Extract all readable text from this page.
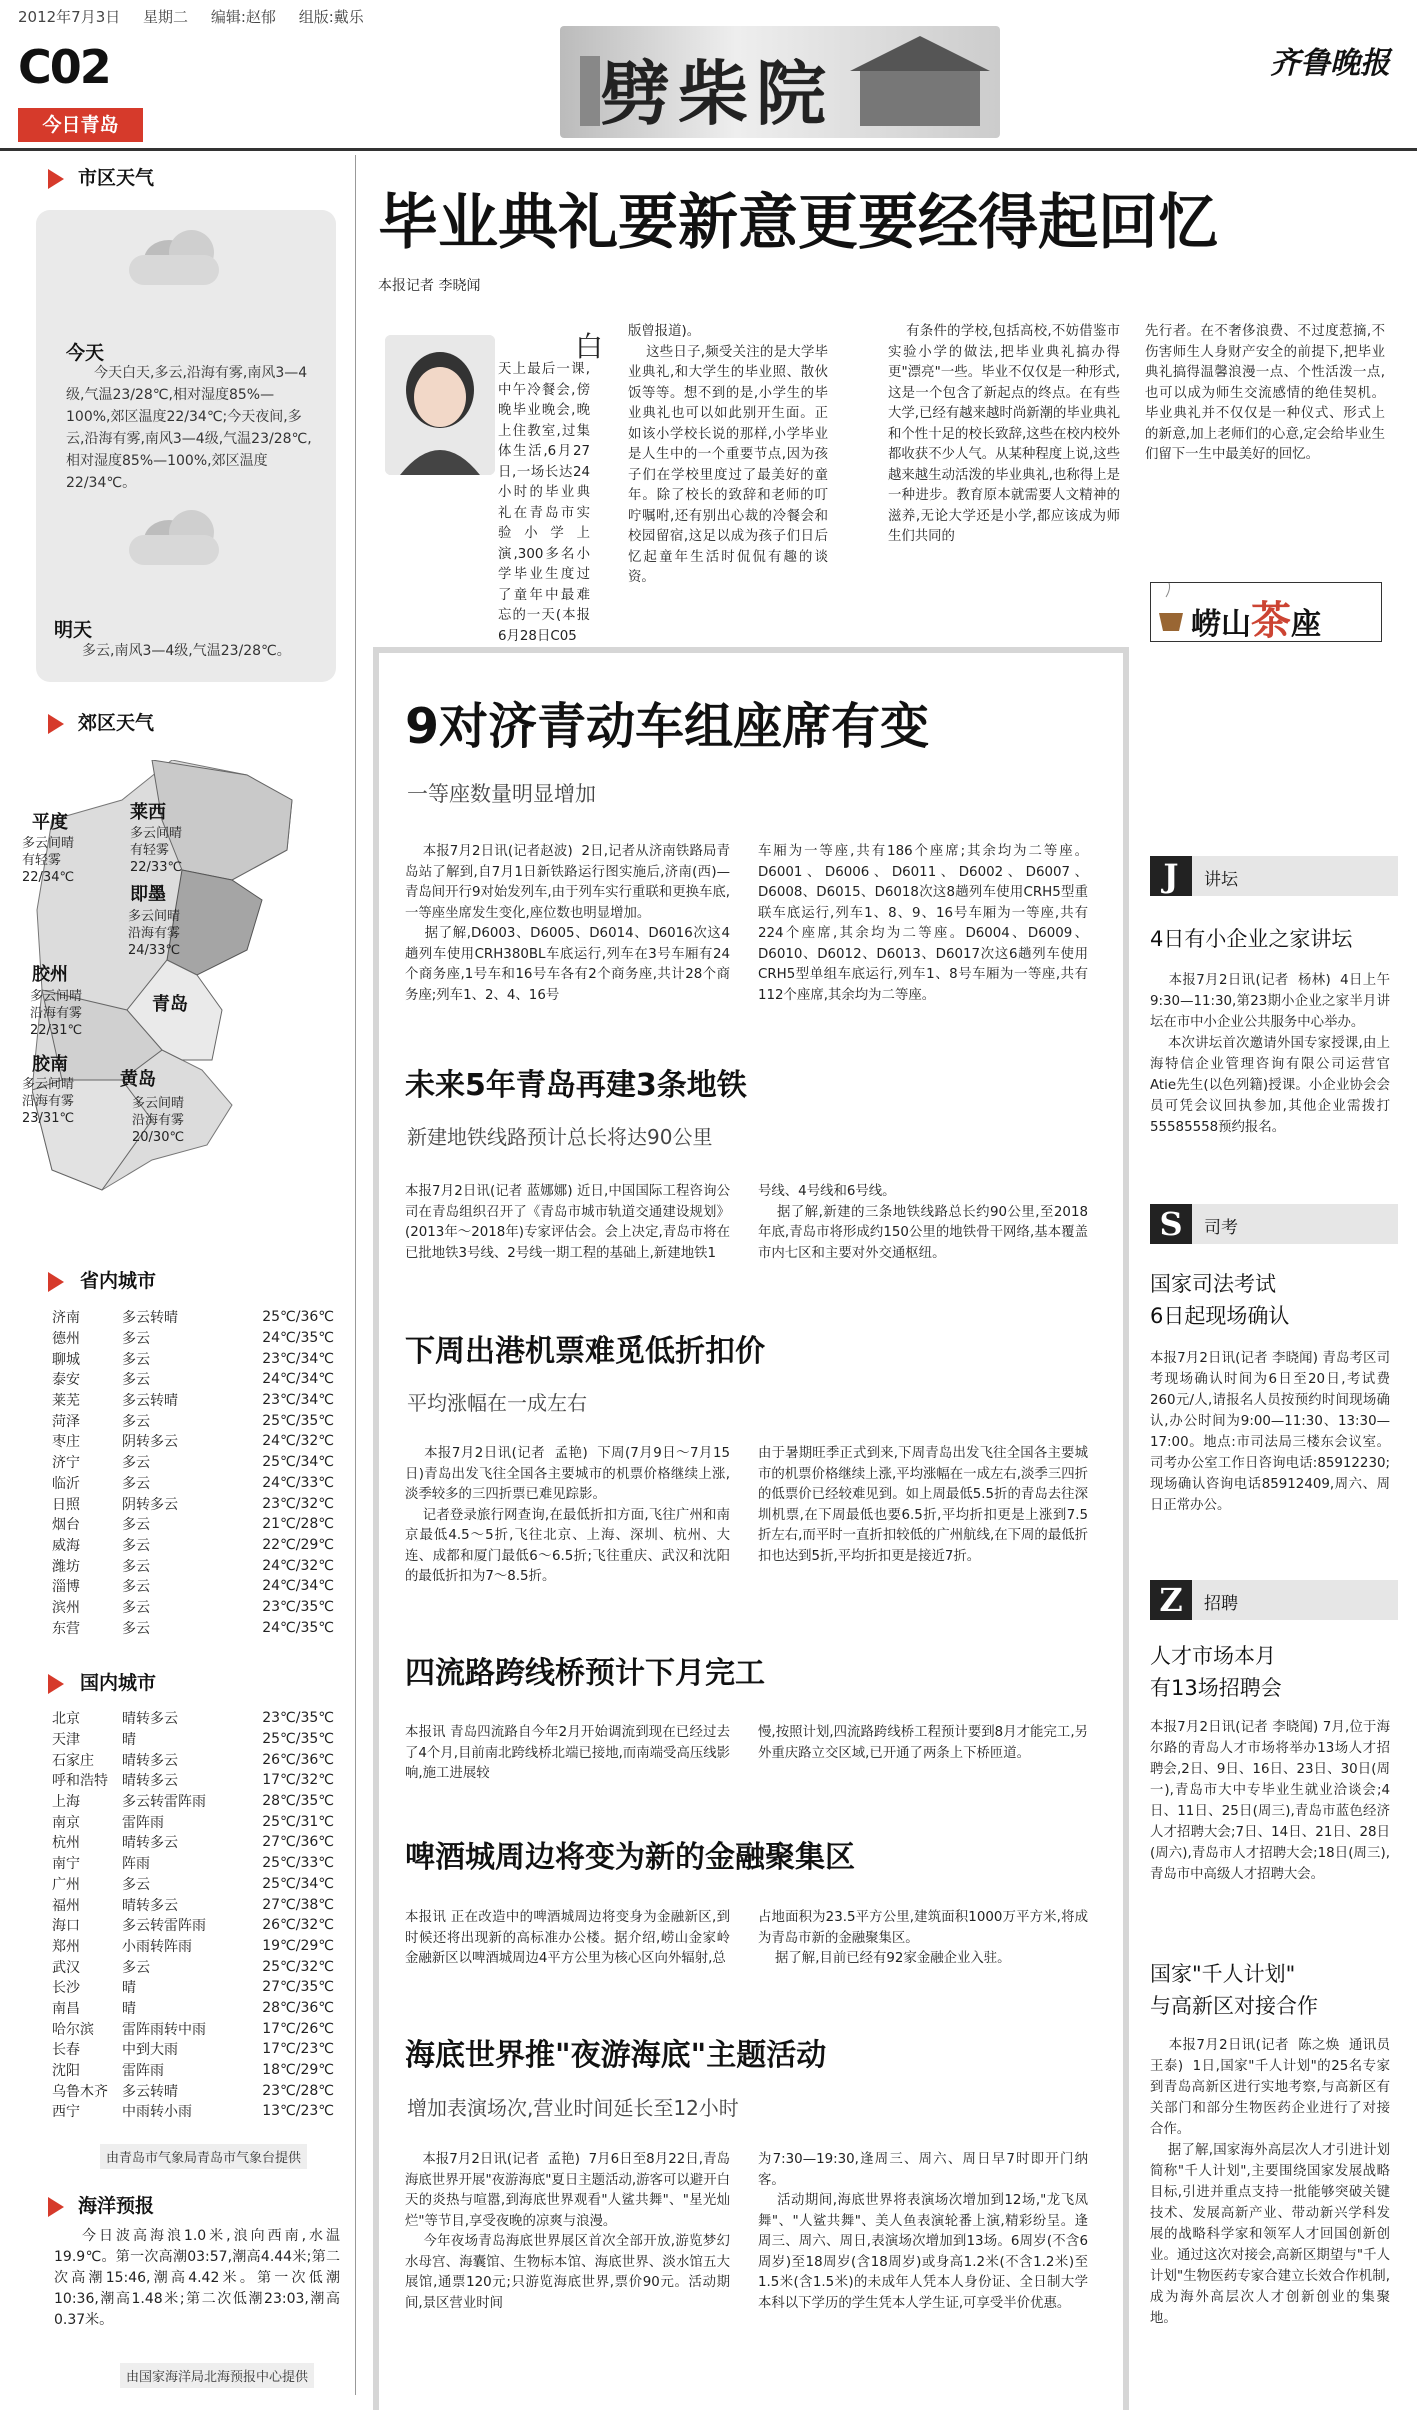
2012年7月3日 星期二 编辑:赵郁 组版:戴乐
C02
今日青岛	劈柴院	齐鲁晚报
市区天气
今天
今天白天,多云,沿海有雾,南风3—4级,气温23/28℃,相对湿度85%—100%,郊区温度22/34℃;今天夜间,多云,沿海有雾,南风3—4级,气温23/28℃,相对湿度85%—100%,郊区温度22/34℃。
明天
多云,南风3—4级,气温23/28℃。
郊区天气
平度
多云间晴
有轻雾
22/34℃
莱西
多云间晴
有轻雾
22/33℃
即墨
多云间晴
沿海有雾
24/33℃
胶州
多云间晴
沿海有雾
22/31℃
青岛
胶南
多云间晴
沿海有雾
23/31℃
黄岛
多云间晴
沿海有雾
20/30℃
省内城市
济南	多云转晴	25℃/36℃
德州	多云	24℃/35℃
聊城	多云	23℃/34℃
泰安	多云	24℃/34℃
莱芜	多云转晴	23℃/34℃
菏泽	多云	25℃/35℃
枣庄	阴转多云	24℃/32℃
济宁	多云	25℃/34℃
临沂	多云	24℃/33℃
日照	阴转多云	23℃/32℃
烟台	多云	21℃/28℃
威海	多云	22℃/29℃
潍坊	多云	24℃/32℃
淄博	多云	24℃/34℃
滨州	多云	23℃/35℃
东营	多云	24℃/35℃
国内城市
北京	晴转多云	23℃/35℃
天津	晴	25℃/35℃
石家庄	晴转多云	26℃/36℃
呼和浩特	晴转多云	17℃/32℃
上海	多云转雷阵雨	28℃/35℃
南京	雷阵雨	25℃/31℃
杭州	晴转多云	27℃/36℃
南宁	阵雨	25℃/33℃
广州	多云	25℃/34℃
福州	晴转多云	27℃/38℃
海口	多云转雷阵雨	26℃/32℃
郑州	小雨转阵雨	19℃/29℃
武汉	多云	25℃/32℃
长沙	晴	27℃/35℃
南昌	晴	28℃/36℃
哈尔滨	雷阵雨转中雨	17℃/26℃
长春	中到大雨	17℃/23℃
沈阳	雷阵雨	18℃/29℃
乌鲁木齐	多云转晴	23℃/28℃
西宁	中雨转小雨	13℃/23℃
由青岛市气象局青岛市气象台提供
海洋预报
今日波高海浪1.0米,浪向西南,水温19.9℃。第一次高潮03:57,潮高4.44米;第二次高潮15:46,潮高4.42米。第一次低潮10:36,潮高1.48米;第二次低潮23:03,潮高0.37米。
由国家海洋局北海预报中心提供
毕业典礼要新意更要经得起回忆
本报记者 李晓闻
白
天上最后一课,中午冷餐会,傍晚毕业晚会,晚上住教室,过集体生活,6月27日,一场长达24小时的毕业典礼在青岛市实验小学上演,300多名小学毕业生度过了童年中最难忘的一天(本报6月28日C05
版曾报道)。
这些日子,频受关注的是大学毕业典礼,和大学生的毕业照、散伙饭等等。想不到的是,小学生的毕业典礼也可以如此别开生面。正如该小学校长说的那样,小学毕业是人生中的一个重要节点,因为孩子们在学校里度过了最美好的童年。除了校长的致辞和老师的叮咛嘱咐,还有别出心裁的冷餐会和校园留宿,这足以成为孩子们日后忆起童年生活时侃侃有趣的谈资。
有条件的学校,包括高校,不妨借鉴市实验小学的做法,把毕业典礼搞办得更"漂亮"一些。毕业不仅仅是一种形式,这是一个包含了新起点的终点。在有些大学,已经有越来越时尚新潮的毕业典礼和个性十足的校长致辞,这些在校内校外都收获不少人气。从某种程度上说,这些越来越生动活泼的毕业典礼,也称得上是一种进步。教育原本就需要人文精神的滋养,无论大学还是小学,都应该成为师生们共同的
先行者。在不奢侈浪费、不过度惹摘,不伤害师生人身财产安全的前提下,把毕业典礼搞得温馨浪漫一点、个性活泼一点,也可以成为师生交流感情的绝佳契机。毕业典礼并不仅仅是一种仪式、形式上的新意,加上老师们的心意,定会给毕业生们留下一生中最美好的回忆。
崂山茶座
9对济青动车组座席有变
一等座数量明显增加
本报7月2日讯(记者赵波)  2日,记者从济南铁路局青岛站了解到,自7月1日新铁路运行图实施后,济南(西)—青岛间开行9对始发列车,由于列车实行重联和更换车底,一等座坐席发生变化,座位数也明显增加。
据了解,D6003、D6005、D6014、D6016次这4趟列车使用CRH380BL车底运行,列车在3号车厢有24个商务座,1号车和16号车各有2个商务座,共计28个商务座;列车1、2、4、16号
车厢为一等座,共有186个座席;其余均为二等座。D6001、D6006、D6011、D6002、D6007、D6008、D6015、D6018次这8趟列车使用CRH5型重联车底运行,列车1、8、9、16号车厢为一等座,共有224个座席,其余均为二等座。D6004、D6009、D6010、D6012、D6013、D6017次这6趟列车使用CRH5型单组车底运行,列车1、8号车厢为一等座,共有112个座席,其余均为二等座。
未来5年青岛再建3条地铁
新建地铁线路预计总长将达90公里
本报7月2日讯(记者 蓝娜娜) 近日,中国国际工程咨询公司在青岛组织召开了《青岛市城市轨道交通建设规划》(2013年～2018年)专家评估会。会上决定,青岛市将在已批地铁3号线、2号线一期工程的基础上,新建地铁1
号线、4号线和6号线。
据了解,新建的三条地铁线路总长约90公里,至2018年底,青岛市将形成约150公里的地铁骨干网络,基本覆盖市内七区和主要对外交通枢纽。
下周出港机票难觅低折扣价
平均涨幅在一成左右
本报7月2日讯(记者  孟艳)  下周(7月9日～7月15日)青岛出发飞往全国各主要城市的机票价格继续上涨,淡季较多的三四折票已难见踪影。
记者登录旅行网查询,在最低折扣方面,飞往广州和南京最低4.5～5折,飞往北京、上海、深圳、杭州、大连、成都和厦门最低6～6.5折;飞往重庆、武汉和沈阳的最低折扣为7～8.5折。
由于暑期旺季正式到来,下周青岛出发飞往全国各主要城市的机票价格继续上涨,平均涨幅在一成左右,淡季三四折的低票价已经较难见到。如上周最低5.5折的青岛去往深圳机票,在下周最低也要6.5折,平均折扣更是上涨到7.5折左右,而平时一直折扣较低的广州航线,在下周的最低折扣也达到5折,平均折扣更是接近7折。
四流路跨线桥预计下月完工
本报讯 青岛四流路自今年2月开始调流到现在已经过去了4个月,目前南北跨线桥北端已接地,而南端受高压线影响,施工进展较
慢,按照计划,四流路跨线桥工程预计要到8月才能完工,另外重庆路立交区域,已开通了两条上下桥匝道。
啤酒城周边将变为新的金融聚集区
本报讯 正在改造中的啤酒城周边将变身为金融新区,到时候还将出现新的高标准办公楼。据介绍,崂山金家岭金融新区以啤酒城周边4平方公里为核心区向外辐射,总
占地面积为23.5平方公里,建筑面积1000万平方米,将成为青岛市新的金融聚集区。
据了解,目前已经有92家金融企业入驻。
海底世界推"夜游海底"主题活动
增加表演场次,营业时间延长至12小时
本报7月2日讯(记者  孟艳)  7月6日至8月22日,青岛海底世界开展"夜游海底"夏日主题活动,游客可以避开白天的炎热与喧嚣,到海底世界观看"人鲨共舞"、"星光灿烂"等节目,享受夜晚的凉爽与浪漫。
今年夜场青岛海底世界展区首次全部开放,游览梦幻水母宫、海囊馆、生物标本馆、海底世界、淡水馆五大展馆,通票120元;只游览海底世界,票价90元。活动期间,景区营业时间
为7:30—19:30,逢周三、周六、周日早7时即开门纳客。
活动期间,海底世界将表演场次增加到12场,"龙飞凤舞"、"人鲨共舞"、美人鱼表演轮番上演,精彩纷呈。逢周三、周六、周日,表演场次增加到13场。6周岁(不含6周岁)至18周岁(含18周岁)或身高1.2米(不含1.2米)至1.5米(含1.5米)的未成年人凭本人身份证、全日制大学本科以下学历的学生凭本人学生证,可享受半价优惠。
J	讲坛
4日有小企业之家讲坛
本报7月2日讯(记者  杨林)  4日上午9:30—11:30,第23期小企业之家半月讲坛在市中小企业公共服务中心举办。
本次讲坛首次邀请外国专家授课,由上海特信企业管理咨询有限公司运营官Atie先生(以色列籍)授课。小企业协会会员可凭会议回执参加,其他企业需拨打55585558预约报名。
S	司考
国家司法考试
6日起现场确认
本报7月2日讯(记者 李晓闻) 青岛考区司考现场确认时间为6日至20日,考试费260元/人,请报名人员按预约时间现场确认,办公时间为9:00—11:30、13:30—17:00。地点:市司法局三楼东会议室。司考办公室工作日咨询电话:85912230;现场确认咨询电话85912409,周六、周日正常办公。
Z	招聘
人才市场本月
有13场招聘会
本报7月2日讯(记者 李晓闻) 7月,位于海尔路的青岛人才市场将举办13场人才招聘会,2日、9日、16日、23日、30日(周一),青岛市大中专毕业生就业洽谈会;4日、11日、25日(周三),青岛市蓝色经济人才招聘大会;7日、14日、21日、28日(周六),青岛市人才招聘大会;18日(周三),青岛市中高级人才招聘大会。
国家"千人计划"
与高新区对接合作
本报7月2日讯(记者  陈之焕  通讯员  王泰)  1日,国家"千人计划"的25名专家到青岛高新区进行实地考察,与高新区有关部门和部分生物医药企业进行了对接合作。
据了解,国家海外高层次人才引进计划简称"千人计划",主要围绕国家发展战略目标,引进并重点支持一批能够突破关键技术、发展高新产业、带动新兴学科发展的战略科学家和领军人才回国创新创业。通过这次对接会,高新区期望与"千人计划"生物医药专家合建立长效合作机制,成为海外高层次人才创新创业的集聚地。
